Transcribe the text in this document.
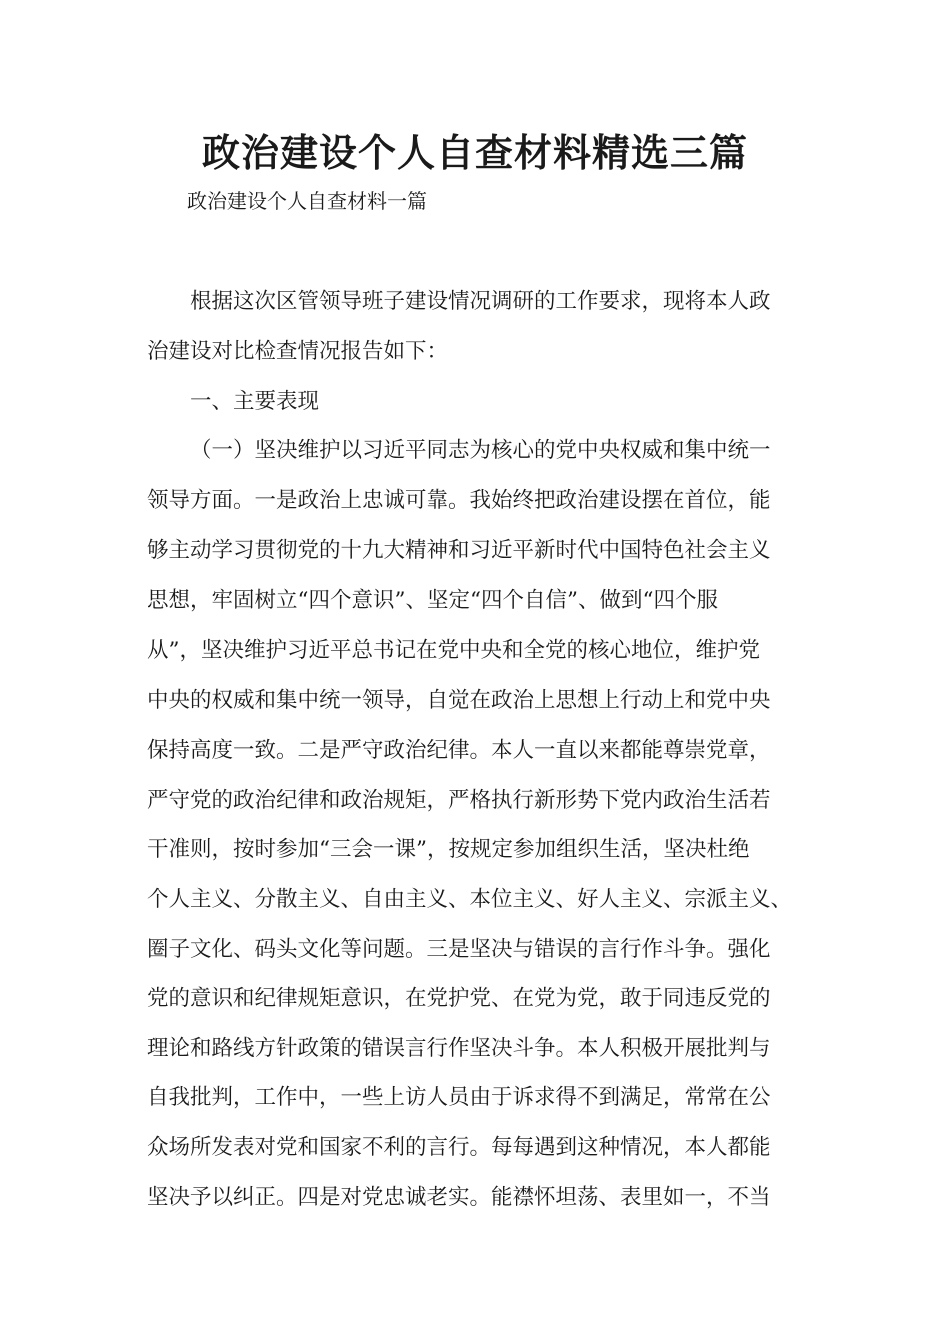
政治建设个人自查材料精选三篇

政治建设个人自查材料一篇

根据这次区管领导班子建设情况调研的工作要求，现将本人政

治建设对比检查情况报告如下：

一、主要表现

（一）坚决维护以习近平同志为核心的党中央权威和集中统一

领导方面。一是政治上忠诚可靠。我始终把政治建设摆在首位，能

够主动学习贯彻党的十九大精神和习近平新时代中国特色社会主义

思想，牢固树立“四个意识”、坚定“四个自信”、做到“四个服

从”，坚决维护习近平总书记在党中央和全党的核心地位，维护党

中央的权威和集中统一领导，自觉在政治上思想上行动上和党中央

保持高度一致。二是严守政治纪律。本人一直以来都能尊崇党章，

严守党的政治纪律和政治规矩，严格执行新形势下党内政治生活若

干准则，按时参加“三会一课”，按规定参加组织生活，坚决杜绝

个人主义、分散主义、自由主义、本位主义、好人主义、宗派主义、

圈子文化、码头文化等问题。三是坚决与错误的言行作斗争。强化

党的意识和纪律规矩意识，在党护党、在党为党，敢于同违反党的

理论和路线方针政策的错误言行作坚决斗争。本人积极开展批判与

自我批判，工作中，一些上访人员由于诉求得不到满足，常常在公

众场所发表对党和国家不利的言行。每每遇到这种情况，本人都能

坚决予以纠正。四是对党忠诚老实。能襟怀坦荡、表里如一，不当
